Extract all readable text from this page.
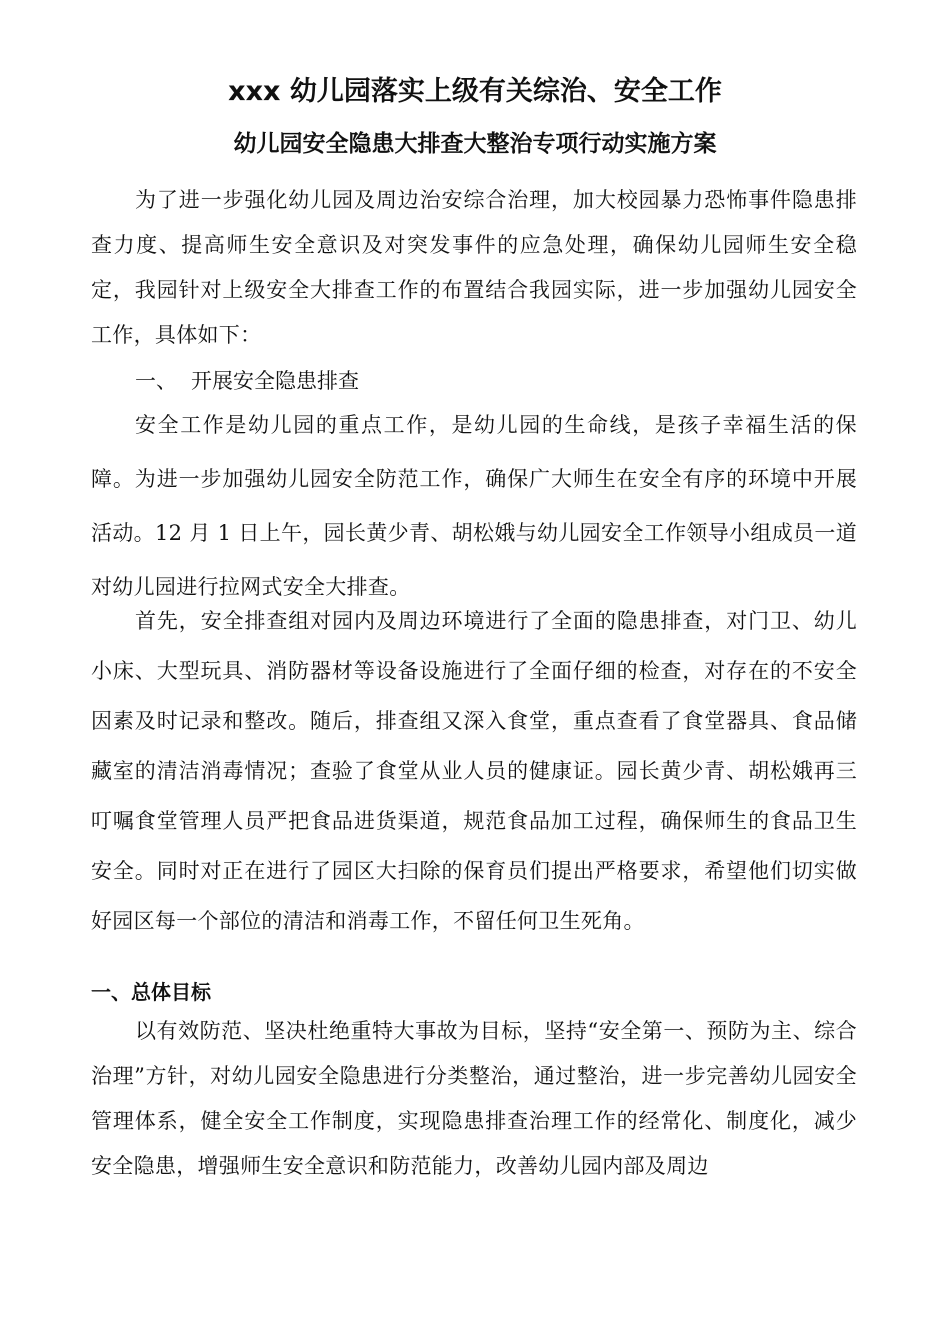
xxx 幼儿园落实上级有关综治、安全工作
幼儿园安全隐患大排查大整治专项行动实施方案

为了进一步强化幼儿园及周边治安综合治理，加大校园暴力恐怖事件隐患排查力度、提高师生安全意识及对突发事件的应急处理，确保幼儿园师生安全稳定，我园针对上级安全大排查工作的布置结合我园实际，进一步加强幼儿园安全工作，具体如下：

一、 开展安全隐患排查

安全工作是幼儿园的重点工作，是幼儿园的生命线，是孩子幸福生活的保障。为进一步加强幼儿园安全防范工作，确保广大师生在安全有序的环境中开展活动。12 月 1 日上午，园长黄少青、胡松娥与幼儿园安全工作领导小组成员一道对幼儿园进行拉网式安全大排查。

首先，安全排查组对园内及周边环境进行了全面的隐患排查，对门卫、幼儿小床、大型玩具、消防器材等设备设施进行了全面仔细的检查，对存在的不安全因素及时记录和整改。随后，排查组又深入食堂，重点查看了食堂器具、食品储藏室的清洁消毒情况；查验了食堂从业人员的健康证。园长黄少青、胡松娥再三叮嘱食堂管理人员严把食品进货渠道，规范食品加工过程，确保师生的食品卫生安全。同时对正在进行了园区大扫除的保育员们提出严格要求，希望他们切实做好园区每一个部位的清洁和消毒工作，不留任何卫生死角。

一、总体目标

以有效防范、坚决杜绝重特大事故为目标，坚持“安全第一、预防为主、综合治理”方针，对幼儿园安全隐患进行分类整治，通过整治，进一步完善幼儿园安全管理体系，健全安全工作制度，实现隐患排查治理工作的经常化、制度化，减少安全隐患，增强师生安全意识和防范能力，改善幼儿园内部及周边
